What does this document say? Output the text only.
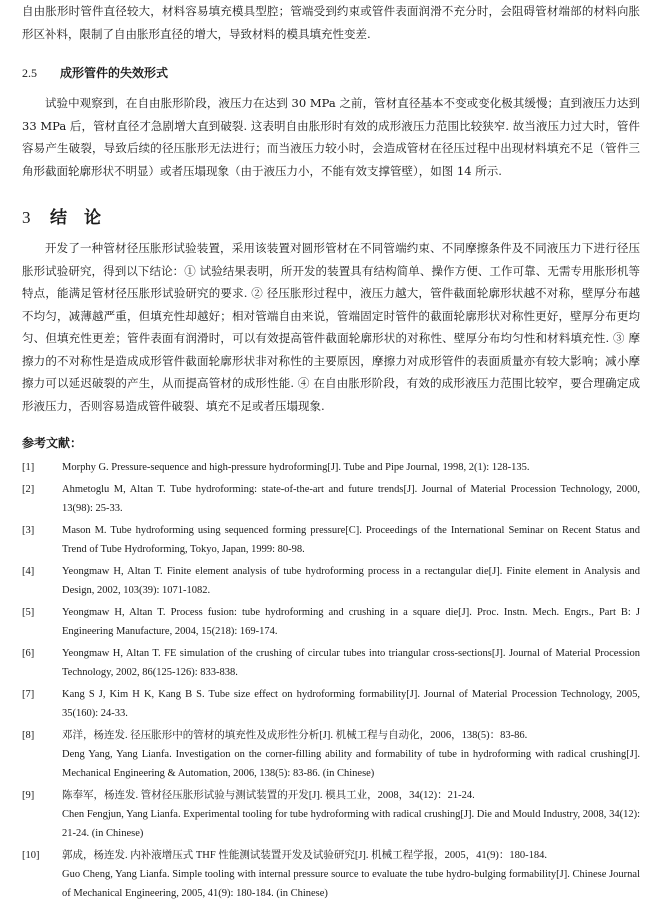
自由胀形时管件直径较大，材料容易填充模具型腔；管端受到约束或管件表面润滑不充分时，会阻碍管材端部的材料向胀形区补料，限制了自由胀形直径的增大，导致材料的模具填充性变差.

2.5 成形管件的失效形式

试验中观察到，在自由胀形阶段，液压力在达到 30 MPa 之前，管材直径基本不变或变化极其缓慢；直到液压力达到 33 MPa 后，管材直径才急剧增大直到破裂. 这表明自由胀形时有效的成形液压力范围比较狭窄. 故当液压力过大时，管件容易产生破裂，导致后续的径压胀形无法进行；而当液压力较小时，会造成管材在径压过程中出现材料填充不足（管件三角形截面轮廓形状不明显）或者压塌现象（由于液压力小，不能有效支撑管壁），如图 14 所示.

3 结　论

开发了一种管材径压胀形试验装置，采用该装置对圆形管材在不同管端约束、不同摩擦条件及不同液压力下进行径压胀形试验研究，得到以下结论：① 试验结果表明，所开发的装置具有结构简单、操作方便、工作可靠、无需专用胀形机等特点，能满足管材径压胀形试验研究的要求. ② 径压胀形过程中，液压力越大，管件截面轮廓形状越不对称，壁厚分布越不均匀，减薄越严重，但填充性却越好；相对管端自由来说，管端固定时管件的截面轮廓形状对称性更好，壁厚分布更均匀、但填充性更差；管件表面有润滑时，可以有效提高管件截面轮廓形状的对称性、壁厚分布均匀性和材料填充性. ③ 摩擦力的不对称性是造成成形管件截面轮廓形状非对称性的主要原因，摩擦力对成形管件的表面质量亦有较大影响；减小摩擦力可以延迟破裂的产生，从而提高管材的成形性能. ④ 在自由胀形阶段，有效的成形液压力范围比较窄，要合理确定成形液压力，否则容易造成管件破裂、填充不足或者压塌现象.

参考文献：
[1]	Morphy G. Pressure-sequence and high-pressure hydroforming[J]. Tube and Pipe Journal, 1998, 2(1): 128-135.
[2]	Ahmetoglu M, Altan T. Tube hydroforming: state-of-the-art and future trends[J]. Journal of Material Procession Technology, 2000, 13(98): 25-33.
[3]	Mason M. Tube hydroforming using sequenced forming pressure[C]. Proceedings of the International Seminar on Recent Status and Trend of Tube Hydroforming, Tokyo, Japan, 1999: 80-98.
[4]	Yeongmaw H, Altan T. Finite element analysis of tube hydroforming process in a rectangular die[J]. Finite element in Analysis and Design, 2002, 103(39): 1071-1082.
[5]	Yeongmaw H, Altan T. Process fusion: tube hydroforming and crushing in a square die[J]. Proc. Instn. Mech. Engrs., Part B: J Engineering Manufacture, 2004, 15(218): 169-174.
[6]	Yeongmaw H, Altan T. FE simulation of the crushing of circular tubes into triangular cross-sections[J]. Journal of Material Procession Technology, 2002, 86(125-126): 833-838.
[7]	Kang S J, Kim H K, Kang B S. Tube size effect on hydroforming formability[J]. Journal of Material Procession Technology, 2005, 35(160): 24-33.
[8]	邓洋，杨连发. 径压胀形中的管材的填充性及成形性分析[J]. 机械工程与自动化，2006，138(5)：83-86.
Deng Yang, Yang Lianfa. Investigation on the corner-filling ability and formability of tube in hydroforming with radical crushing[J]. Mechanical Engineering & Automation, 2006, 138(5): 83-86. (in Chinese)
[9]	陈奉军，杨连发. 管材径压胀形试验与测试装置的开发[J]. 模具工业，2008，34(12)：21-24.
Chen Fengjun, Yang Lianfa. Experimental tooling for tube hydroforming with radical crushing[J]. Die and Mould Industry, 2008, 34(12): 21-24. (in Chinese)
[10]	郭成，杨连发. 内补液增压式 THF 性能测试装置开发及试验研究[J]. 机械工程学报，2005，41(9)：180-184.
Guo Cheng, Yang Lianfa. Simple tooling with internal pressure source to evaluate the tube hydro-bulging formability[J]. Chinese Journal of Mechanical Engineering, 2005, 41(9): 180-184. (in Chinese)
